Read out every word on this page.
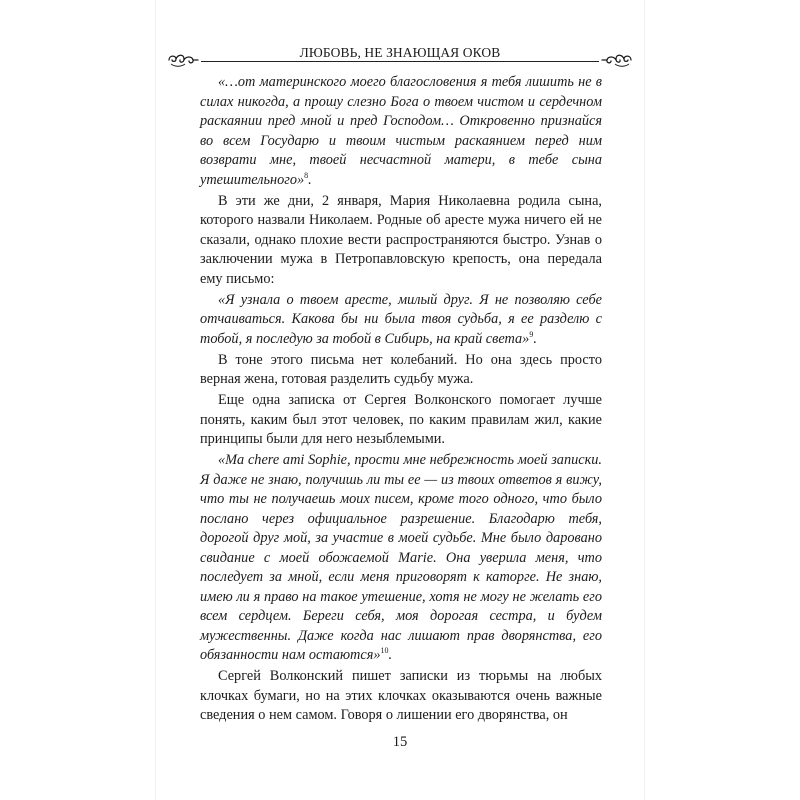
ЛЮБОВЬ, НЕ ЗНАЮЩАЯ ОКОВ

«…от материнского моего благословения я тебя лишить не в силах никогда, а прошу слезно Бога о твоем чистом и сердечном раскаянии пред мной и пред Господом… Откровенно признайся во всем Государю и твоим чистым раскаянием перед ним возврати мне, твоей несчастной матери, в тебе сына утешительного»$^8$.

В эти же дни, 2 января, Мария Николаевна родила сына, которого назвали Николаем. Родные об аресте мужа ничего ей не сказали, однако плохие вести распространяются быстро. Узнав о заключении мужа в Петропавловскую крепость, она передала ему письмо:

«Я узнала о твоем аресте, милый друг. Я не позволяю себе отчаиваться. Какова бы ни была твоя судьба, я ее разделю с тобой, я последую за тобой в Сибирь, на край света»$^9$.

В тоне этого письма нет колебаний. Но она здесь просто верная жена, готовая разделить судьбу мужа.

Еще одна записка от Сергея Волконского помогает лучше понять, каким был этот человек, по каким правилам жил, какие принципы были для него незыблемыми.

«Ma chere ami Sophie, прости мне небрежность моей записки. Я даже не знаю, получишь ли ты ее — из твоих ответов я вижу, что ты не получаешь моих писем, кроме того одного, что было послано через официальное разрешение. Благодарю тебя, дорогой друг мой, за участие в моей судьбе. Мне было даровано свидание с моей обожаемой Marie. Она уверила меня, что последует за мной, если меня приговорят к каторге. Не знаю, имею ли я право на такое утешение, хотя не могу не желать его всем сердцем. Береги себя, моя дорогая сестра, и будем мужественны. Даже когда нас лишают прав дворянства, его обязанности нам остаются»$^{10}$.

Сергей Волконский пишет записки из тюрьмы на любых клочках бумаги, но на этих клочках оказываются очень важные сведения о нем самом. Говоря о лишении его дворянства, он

15
